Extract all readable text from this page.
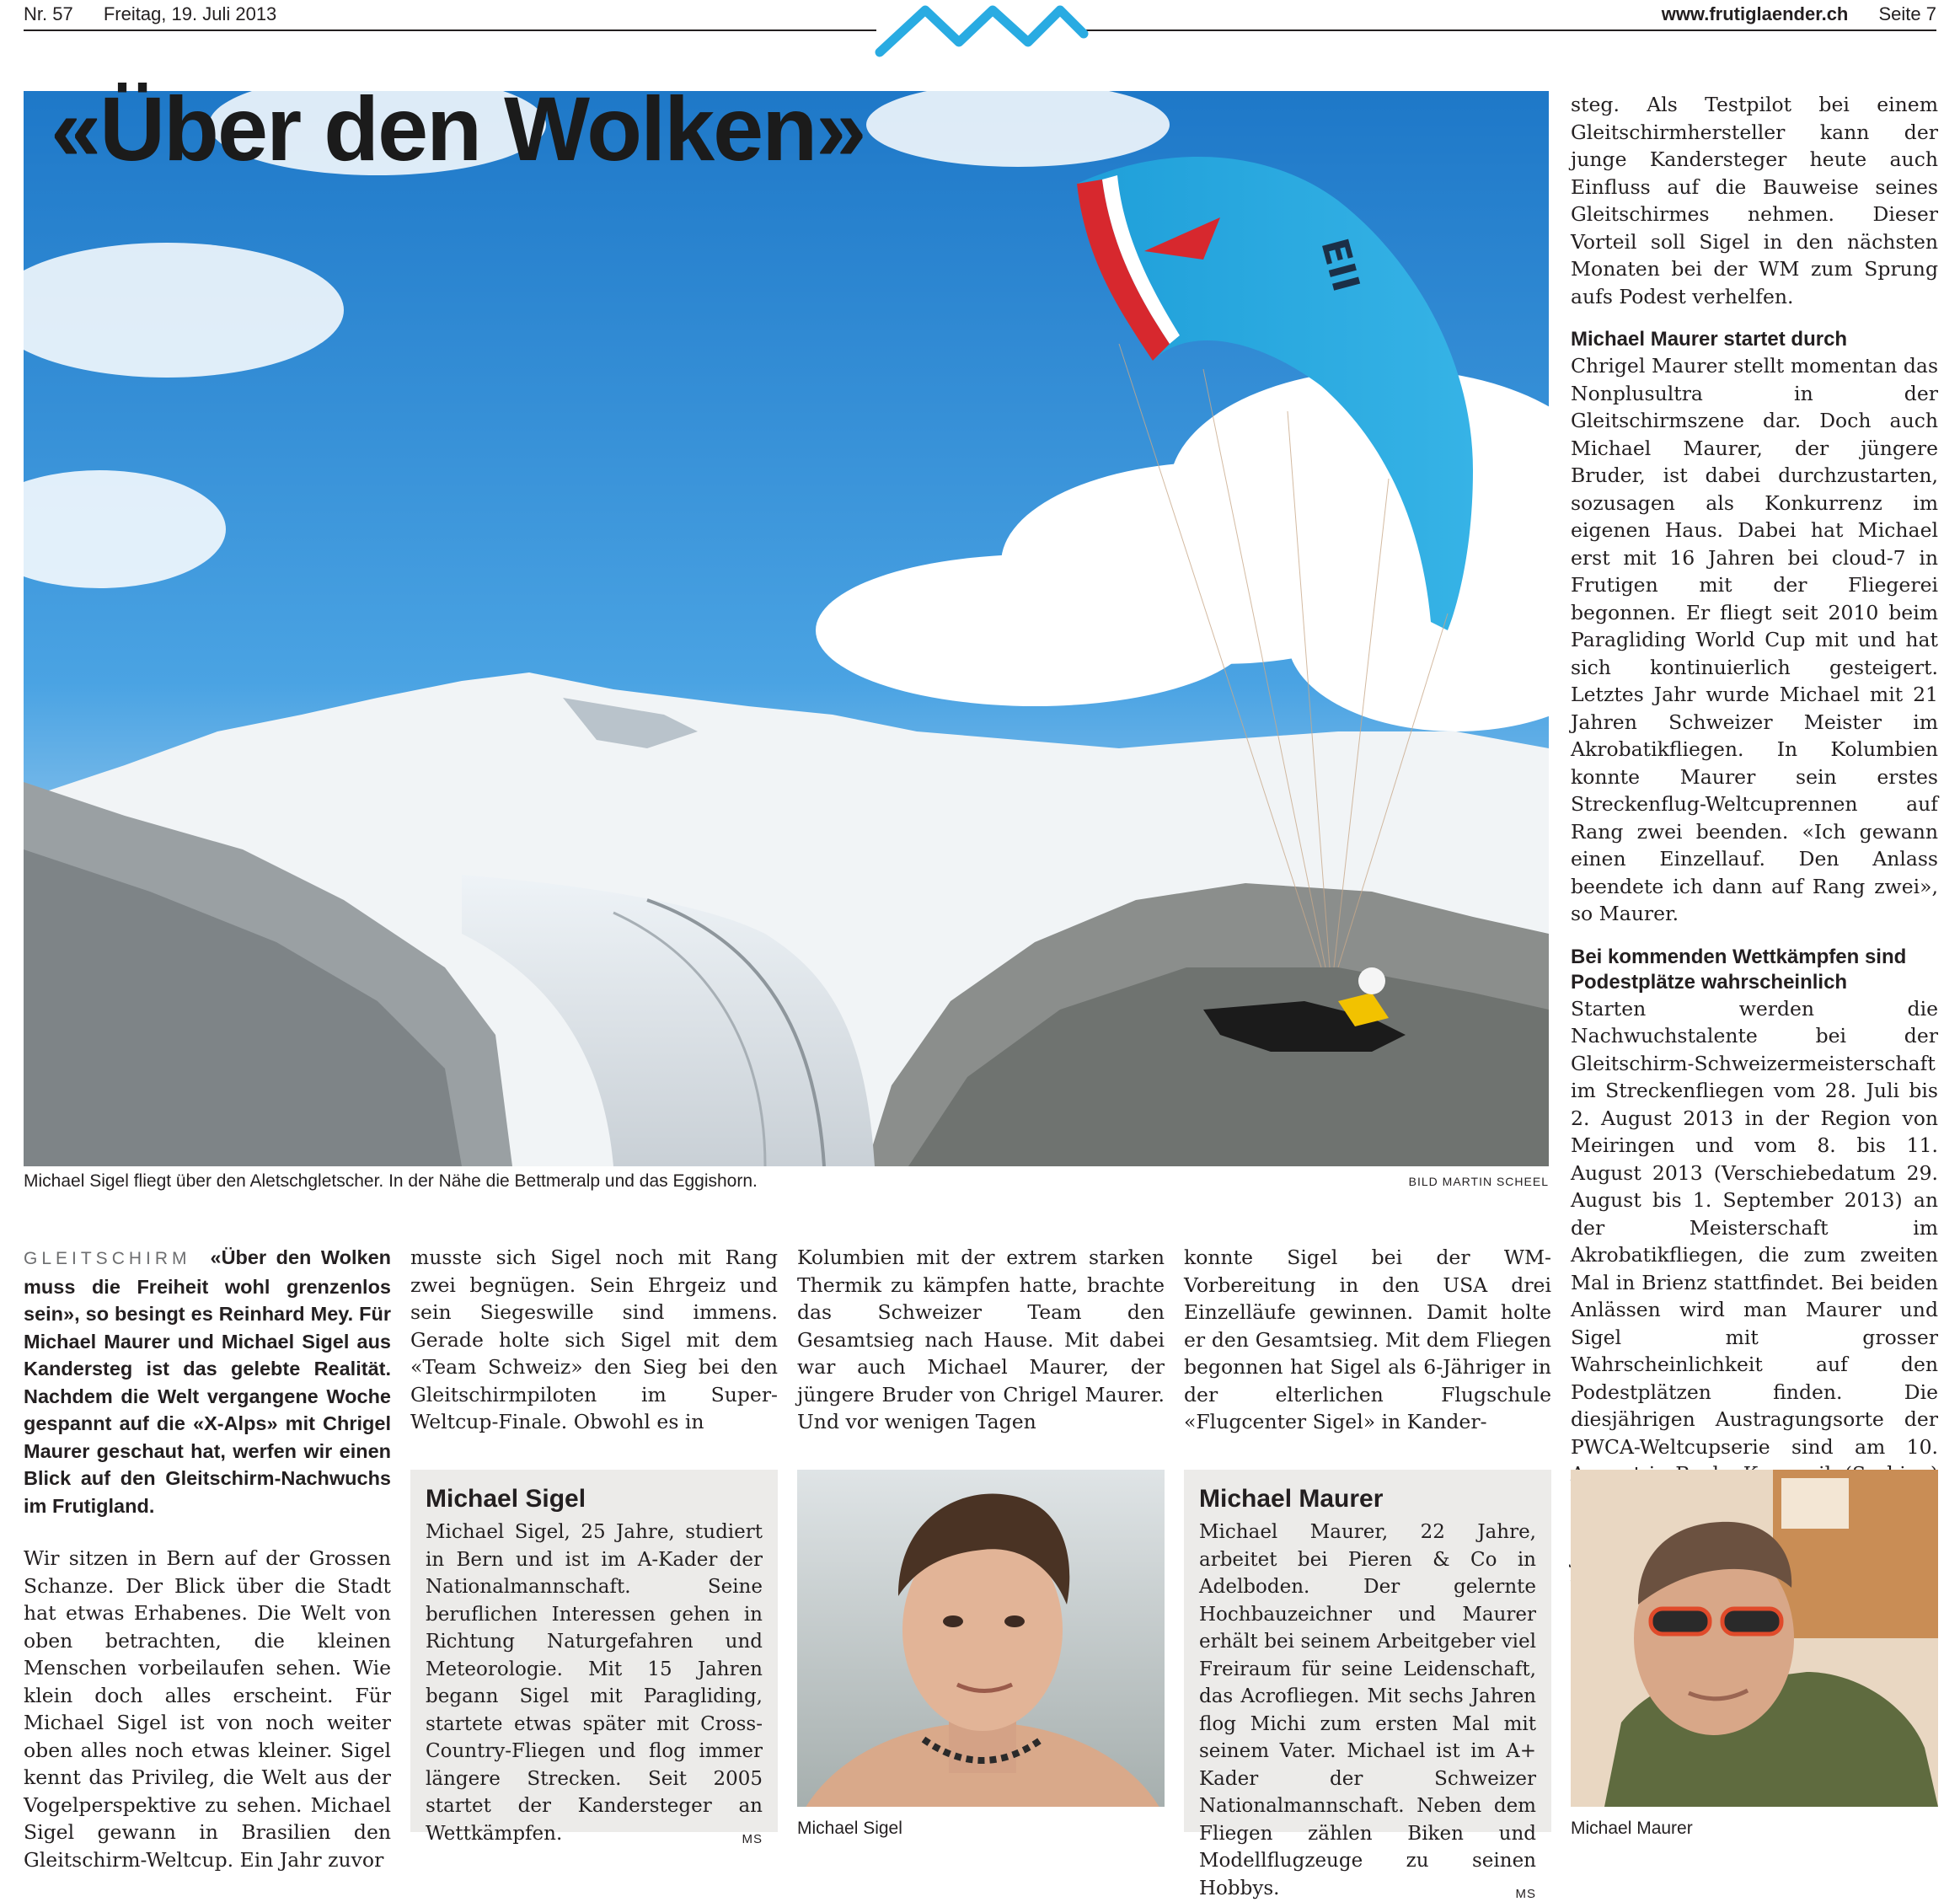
Nr. 57 Freitag, 19. Juli 2013	www.frutiglaender.ch Seite 7
EII
«Über den Wolken»
Michael Sigel fliegt über den Aletschgletscher. In der Nähe die Bettmeralp und das Eggishorn.	BILD MARTIN SCHEEL

GLEITSCHIRM «Über den Wolken muss die Freiheit wohl grenzenlos sein», so besingt es Reinhard Mey. Für Michael Maurer und Michael Sigel aus Kandersteg ist das gelebte Realität. Nachdem die Welt vergangene Woche gespannt auf die «X-Alps» mit Chrigel Maurer geschaut hat, werfen wir einen Blick auf den Gleitschirm-Nachwuchs im Frutigland.

Wir sitzen in Bern auf der Grossen Schanze. Der Blick über die Stadt hat etwas Erhabenes. Die Welt von oben betrachten, die kleinen Menschen vorbeilaufen sehen. Wie klein doch alles erscheint. Für Michael Sigel ist von noch weiter oben alles noch etwas kleiner. Sigel kennt das Privileg, die Welt aus der Vogelperspektive zu sehen. Michael Sigel gewann in Brasilien den Gleitschirm-Weltcup. Ein Jahr zuvor

musste sich Sigel noch mit Rang zwei begnügen. Sein Ehrgeiz und sein Siegeswille sind immens. Gerade holte sich Sigel mit dem «Team Schweiz» den Sieg bei den Gleitschirmpiloten im Super-Weltcup-Finale. Obwohl es in

Kolumbien mit der extrem starken Thermik zu kämpfen hatte, brachte das Schweizer Team den Gesamtsieg nach Hause. Mit dabei war auch Michael Maurer, der jüngere Bruder von Chrigel Maurer. Und vor wenigen Tagen

konnte Sigel bei der WM-Vorbereitung in den USA drei Einzelläufe gewinnen. Damit holte er den Gesamtsieg. Mit dem Fliegen begonnen hat Sigel als 6-Jähriger in der elterlichen Flugschule «Flugcenter Sigel» in Kander-

steg. Als Testpilot bei einem Gleitschirmhersteller kann der junge Kandersteger heute auch Einfluss auf die Bauweise seines Gleitschirmes nehmen. Dieser Vorteil soll Sigel in den nächsten Monaten bei der WM zum Sprung aufs Podest verhelfen.

Michael Maurer startet durch

Chrigel Maurer stellt momentan das Nonplusultra in der Gleitschirmszene dar. Doch auch Michael Maurer, der jüngere Bruder, ist dabei durchzustarten, sozusagen als Konkurrenz im eigenen Haus. Dabei hat Michael erst mit 16 Jahren bei cloud-7 in Frutigen mit der Fliegerei begonnen. Er fliegt seit 2010 beim Paragliding World Cup mit und hat sich kontinuierlich gesteigert. Letztes Jahr wurde Michael mit 21 Jahren Schweizer Meister im Akrobatikfliegen. In Kolumbien konnte Maurer sein erstes Streckenflug-Weltcuprennen auf Rang zwei beenden. «Ich gewann einen Einzellauf. Den Anlass beendete ich dann auf Rang zwei», so Maurer.

Bei kommenden Wettkämpfen sind Podestplätze wahrscheinlich

Starten werden die Nachwuchstalente bei der Gleitschirm-Schweizermeisterschaft im Streckenfliegen vom 28. Juli bis 2. August 2013 in der Region von Meiringen und vom 8. bis 11. August 2013 (Verschiebedatum 29. August bis 1. September 2013) an der Meisterschaft im Akrobatikfliegen, die zum zweiten Mal in Brienz stattfindet. Bei beiden Anlässen wird man Maurer und Sigel mit grosser Wahrscheinlichkeit auf den Podestplätzen finden. Die diesjährigen Austragungsorte der PWCA-Weltcupserie sind am 10.

Michael Sigel
Michael Sigel, 25 Jahre, studiert in Bern und ist im A-Kader der Nationalmannschaft. Seine beruflichen Interessen gehen in Richtung Naturgefahren und Meteorologie. Mit 15 Jahren begann Sigel mit Paragliding, startete etwas später mit Cross-Country-Fliegen und flog immer längere Strecken. Seit 2005 startet der Kandersteger an Wettkämpfen.	MS
Michael Sigel
Michael Maurer
Michael Maurer, 22 Jahre, arbeitet bei Pieren & Co in Adelboden. Der gelernte Hochbauzeichner und Maurer erhält bei seinem Arbeitgeber viel Freiraum für seine Leidenschaft, das Acrofliegen. Mit sechs Jahren flog Michi zum ersten Mal mit seinem Vater. Michael ist im A+ Kader der Schweizer Nationalmannschaft. Neben dem Fliegen zählen Biken und Modellflugzeuge zu seinen Hobbys.	MS
Michael Maurer
